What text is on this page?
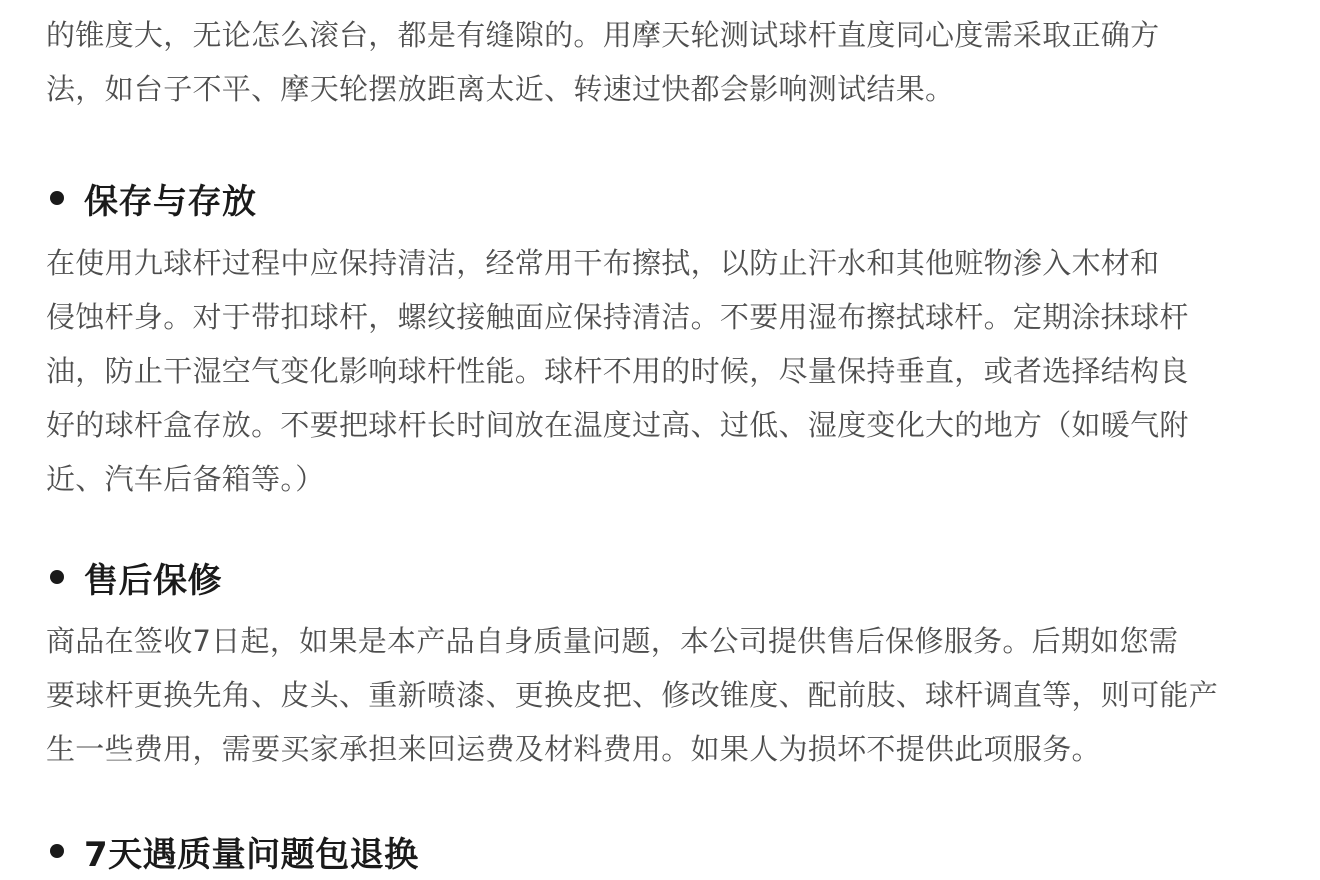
的锥度大，无论怎么滚台，都是有缝隙的。用摩天轮测试球杆直度同心度需采取正确方
法，如台子不平、摩天轮摆放距离太近、转速过快都会影响测试结果。

保存与存放

在使用九球杆过程中应保持清洁，经常用干布擦拭，以防止汗水和其他赃物渗入木材和
侵蚀杆身。对于带扣球杆，螺纹接触面应保持清洁。不要用湿布擦拭球杆。定期涂抹球杆
油，防止干湿空气变化影响球杆性能。球杆不用的时候，尽量保持垂直，或者选择结构良
好的球杆盒存放。不要把球杆长时间放在温度过高、过低、湿度变化大的地方（如暖气附
近、汽车后备箱等。）

售后保修

商品在签收7日起，如果是本产品自身质量问题，本公司提供售后保修服务。后期如您需
要球杆更换先角、皮头、重新喷漆、更换皮把、修改锥度、配前肢、球杆调直等，则可能产
生一些费用，需要买家承担来回运费及材料费用。如果人为损坏不提供此项服务。

7天遇质量问题包退换
